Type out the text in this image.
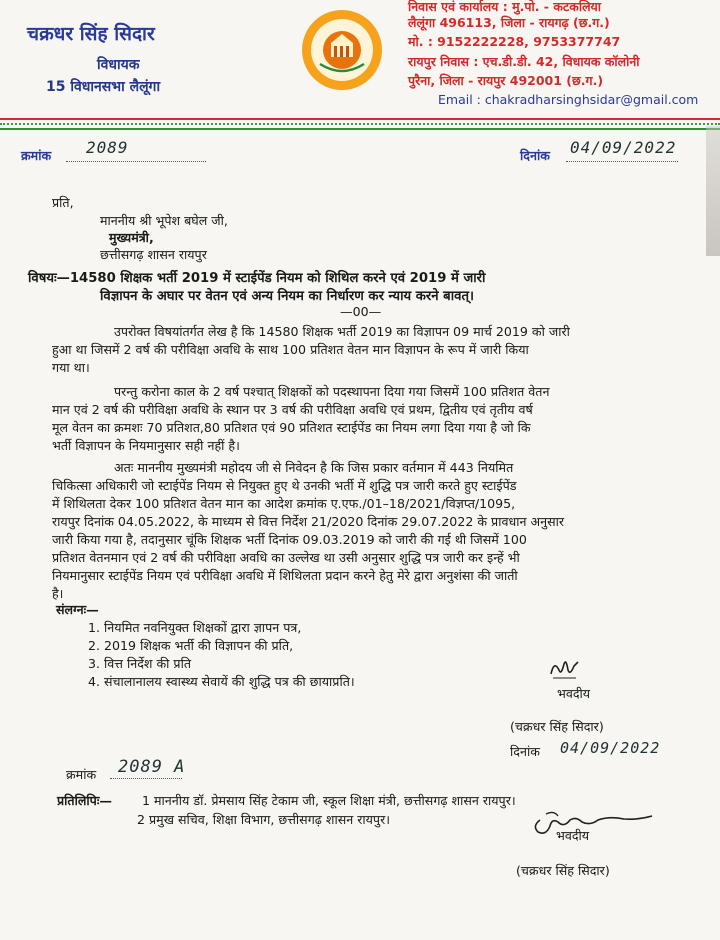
चक्रधर सिंह सिदार
विधायक
15 विधानसभा लैलूंगा
निवास एवं कार्यालय : मु.पो. - कटकलिया
लैलूंगा 496113, जिला - रायगढ़ (छ.ग.)
मो. : 9152222228, 9753377747
रायपुर निवास : एच.डी.डी. 42, विधायक कॉलोनी
पुरैना, जिला - रायपुर 492001 (छ.ग.)
Email : chakradharsinghsidar@gmail.com
क्रमांक 2089	दिनांक 04/09/2022
प्रति,
माननीय श्री भूपेश बघेल जी,
मुख्यमंत्री,
छत्तीसगढ़ शासन रायपुर
विषयः—14580 शिक्षक भर्ती 2019 में स्टाईपेंड नियम को शिथिल करने एवं 2019 में जारी
विज्ञापन के अघार पर वेतन एवं अन्य नियम का निर्धारण कर न्याय करने बावत्।
—00—
उपरोक्त विषयांतर्गत लेख है कि 14580 शिक्षक भर्ती 2019 का विज्ञापन 09 मार्च 2019 को जारी
हुआ था जिसमें 2 वर्ष की परीविक्षा अवधि के साथ 100 प्रतिशत वेतन मान विज्ञापन के रूप में जारी किया
गया था।
परन्तु करोना काल के 2 वर्ष पश्चात् शिक्षकों को पदस्थापना दिया गया जिसमें 100 प्रतिशत वेतन
मान एवं 2 वर्ष की परीविक्षा अवधि के स्थान पर 3 वर्ष की परीविक्षा अवधि एवं प्रथम, द्वितीय एवं तृतीय वर्ष
मूल वेतन का क्रमशः 70 प्रतिशत,80 प्रतिशत एवं 90 प्रतिशत स्टाईपेंड का नियम लगा दिया गया है जो कि
भर्ती विज्ञापन के नियमानुसार सही नहीं है।
अतः माननीय मुख्यमंत्री महोदय जी से निवेदन है कि जिस प्रकार वर्तमान में 443 नियमित
चिकित्सा अधिकारी जो स्टाईपेंड नियम से नियुक्त हुए थे उनकी भर्ती में शुद्धि पत्र जारी करते हुए स्टाईपेंड
में शिथिलता देकर 100 प्रतिशत वेतन मान का आदेश क्रमांक ए.एफ./01–18/2021/विज्ञप्त/1095,
रायपुर दिनांक 04.05.2022, के माध्यम से वित्त निर्देश 21/2020 दिनांक 29.07.2022 के प्रावधान अनुसार
जारी किया गया है, तदानुसार चूंकि शिक्षक भर्ती दिनांक 09.03.2019 को जारी की गई थी जिसमें 100
प्रतिशत वेतनमान एवं 2 वर्ष की परीविक्षा अवधि का उल्लेख था उसी अनुसार शुद्धि पत्र जारी कर इन्हें भी
नियमानुसार स्टाईपेंड नियम एवं परीविक्षा अवधि में शिथिलता प्रदान करने हेतु मेरे द्वारा अनुशंसा की जाती
है।
संलग्नः—
1. नियमित नवनियुक्त शिक्षकों द्वारा ज्ञापन पत्र,
2. 2019 शिक्षक भर्ती की विज्ञापन की प्रति,
3. वित्त निर्देश की प्रति
4. संचालानालय स्वास्थ्य सेवायें की शुद्धि पत्र की छायाप्रति।
भवदीय
(चक्रधर सिंह सिदार)
दिनांक 04/09/2022
क्रमांक 2089 A
प्रतिलिपिः— 1 माननीय डॉ. प्रेमसाय सिंह टेकाम जी, स्कूल शिक्षा मंत्री, छत्तीसगढ़ शासन रायपुर।
2 प्रमुख सचिव, शिक्षा विभाग, छत्तीसगढ़ शासन रायपुर।
भवदीय
(चक्रधर सिंह सिदार)
